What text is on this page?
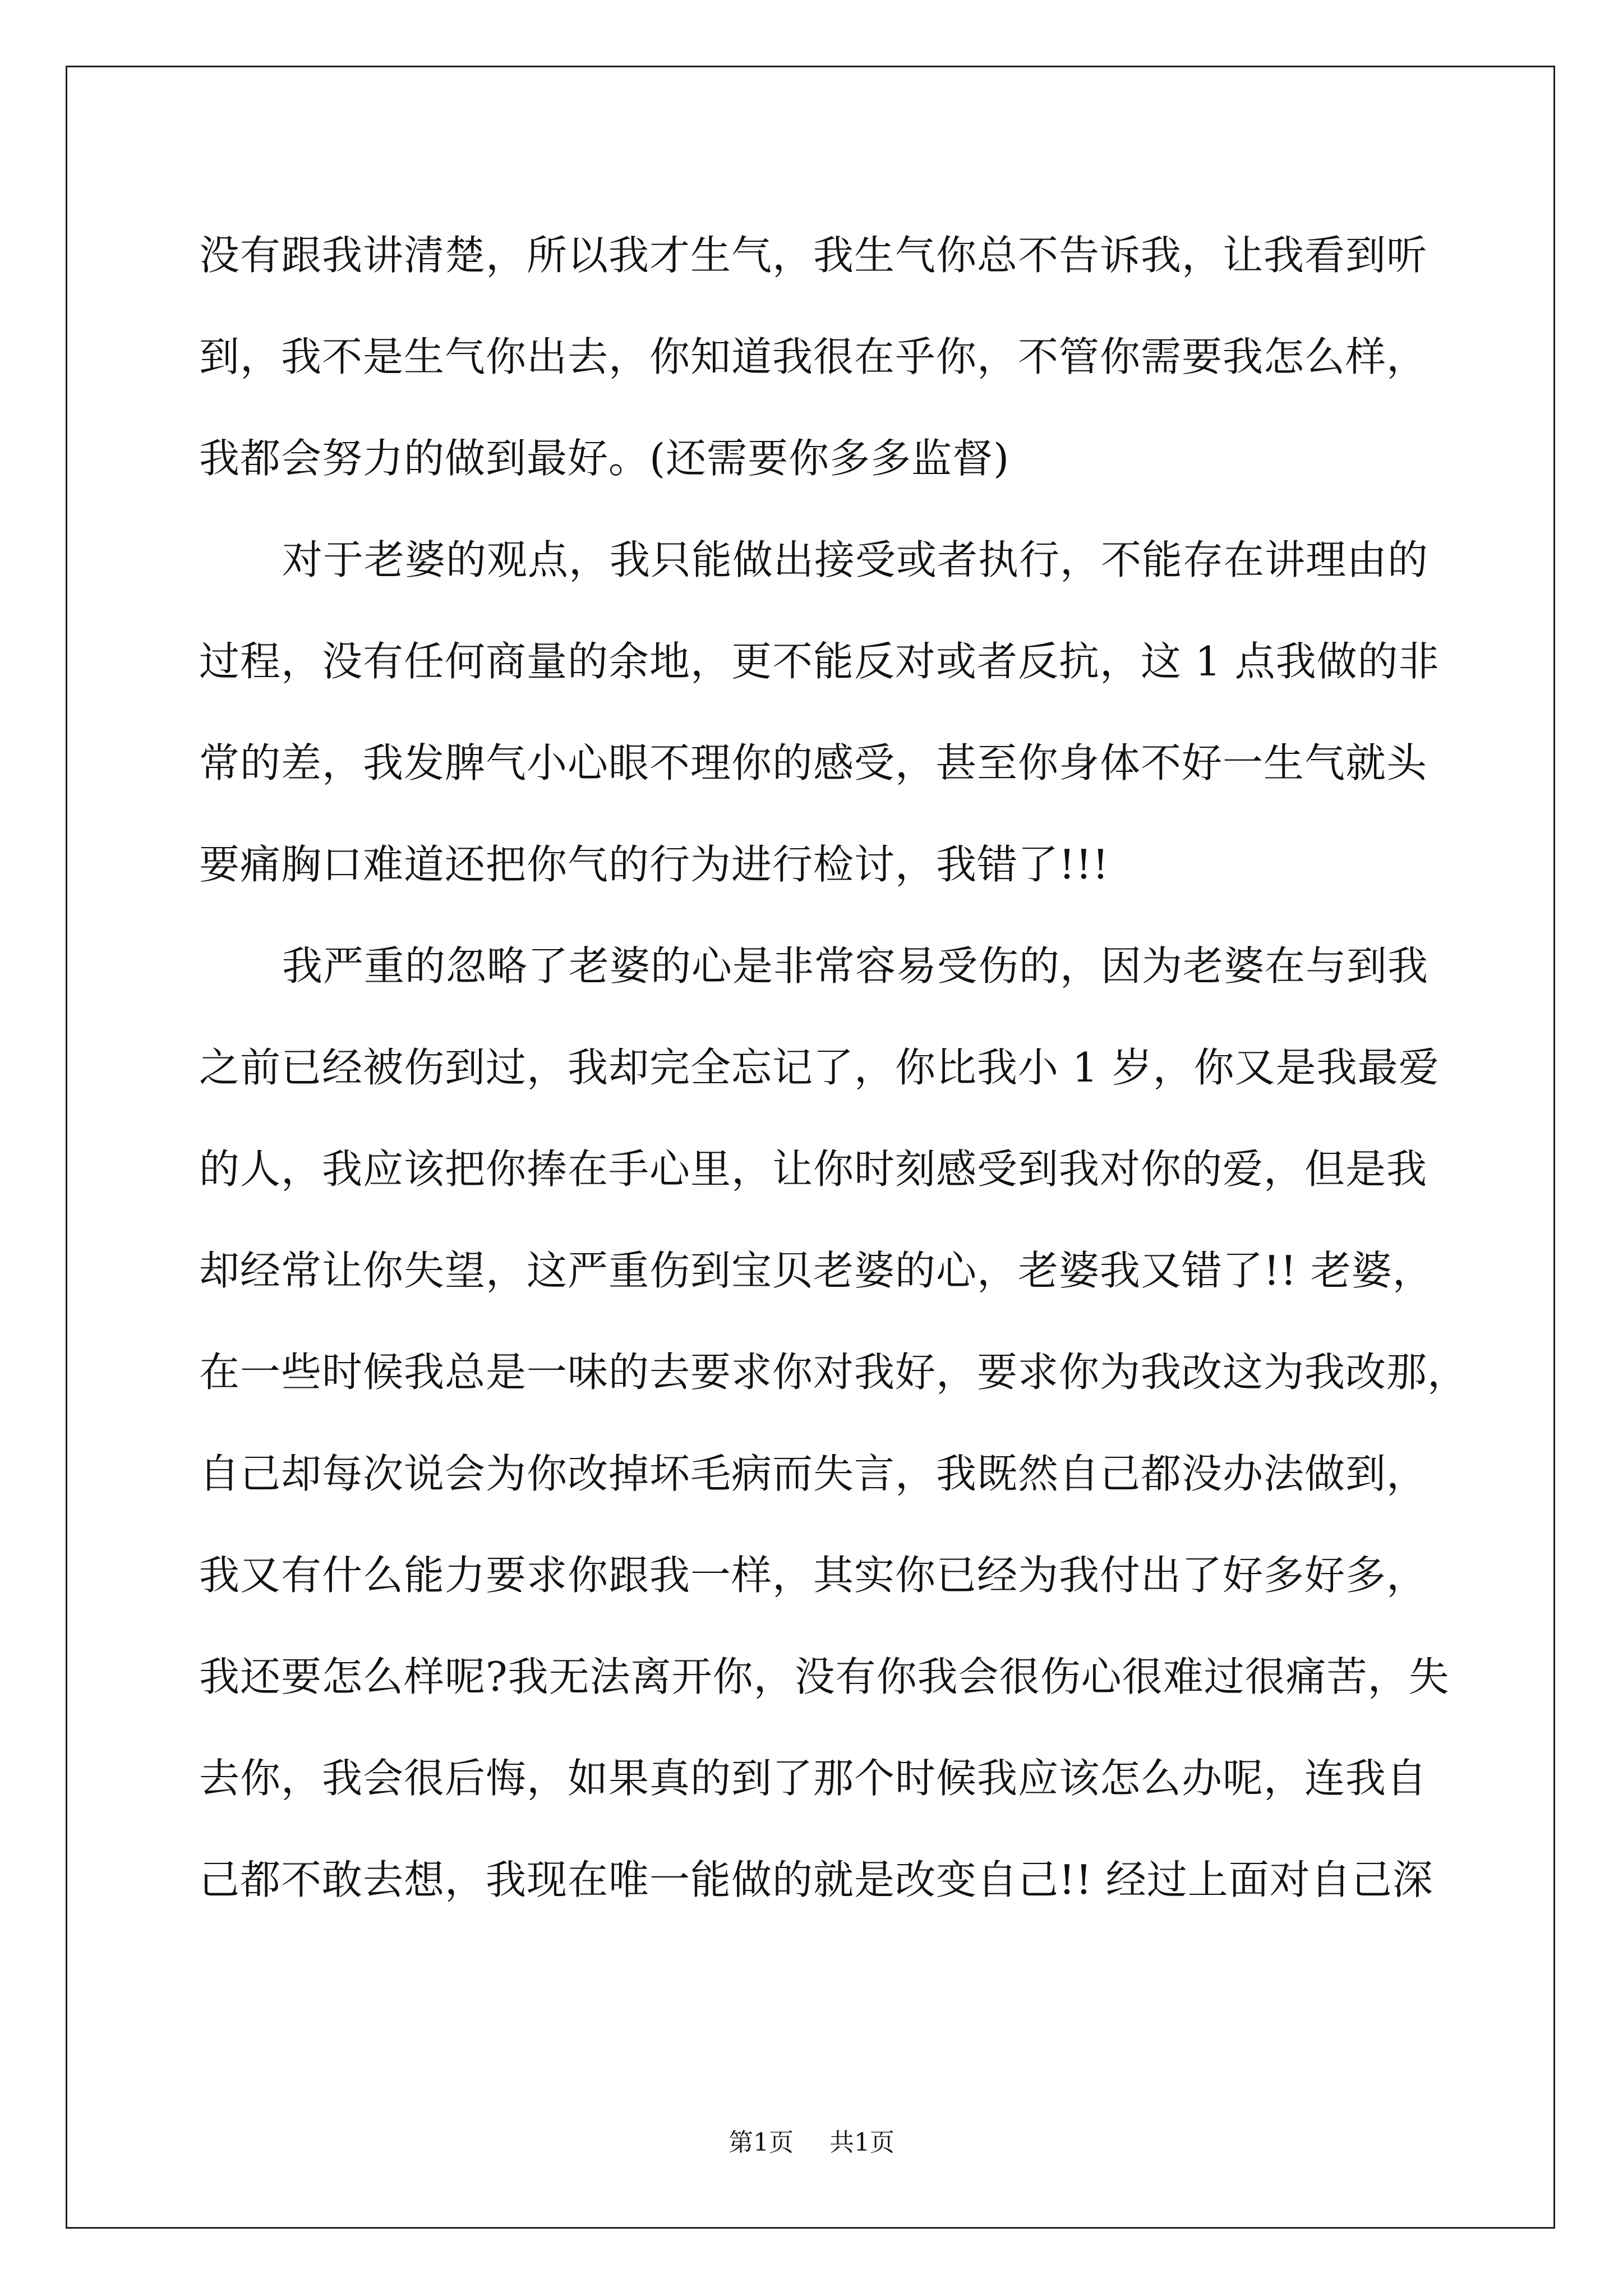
没有跟我讲清楚，所以我才生气，我生气你总不告诉我，让我看到听
到，我不是生气你出去，你知道我很在乎你，不管你需要我怎么样，
我都会努力的做到最好。(还需要你多多监督)
对于老婆的观点，我只能做出接受或者执行，不能存在讲理由的
过程，没有任何商量的余地，更不能反对或者反抗，这 1 点我做的非
常的差，我发脾气小心眼不理你的感受，甚至你身体不好一生气就头
要痛胸口难道还把你气的行为进行检讨，我错了!!!
我严重的忽略了老婆的心是非常容易受伤的，因为老婆在与到我
之前已经被伤到过，我却完全忘记了，你比我小 1 岁，你又是我最爱
的人，我应该把你捧在手心里，让你时刻感受到我对你的爱，但是我
却经常让你失望，这严重伤到宝贝老婆的心，老婆我又错了!! 老婆，
在一些时候我总是一味的去要求你对我好，要求你为我改这为我改那，
自己却每次说会为你改掉坏毛病而失言，我既然自己都没办法做到，
我又有什么能力要求你跟我一样，其实你已经为我付出了好多好多，
我还要怎么样呢?我无法离开你，没有你我会很伤心很难过很痛苦，失
去你，我会很后悔，如果真的到了那个时候我应该怎么办呢，连我自
己都不敢去想，我现在唯一能做的就是改变自己!! 经过上面对自己深
第1页 共1页
